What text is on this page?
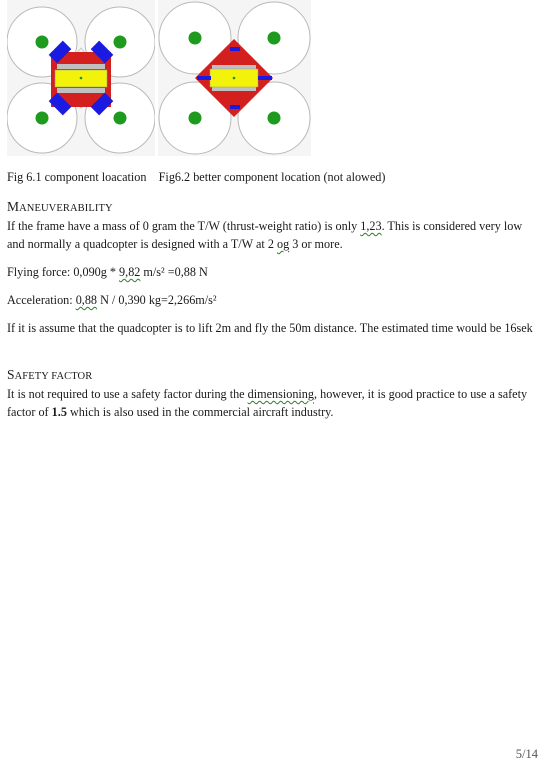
Fig 6.1 component loacation Fig6.2 better component location (not alowed)
MANEUVERABILITY

If the frame have a mass of 0 gram the T/W (thrust-weight ratio) is only 1,23. This is considered very low and normally a quadcopter is designed with a T/W at 2 og 3 or more.

Flying force: 0,090g * 9,82 m/s² =0,88 N

Acceleration: 0,88 N / 0,390 kg=2,266m/s²

If it is assume that the quadcopter is to lift 2m and fly the 50m distance. The estimated time would be 16sek

SAFETY FACTOR

It is not required to use a safety factor during the dimensioning, however, it is good practice to use a safety factor of 1.5 which is also used in the commercial aircraft industry.

5/14
